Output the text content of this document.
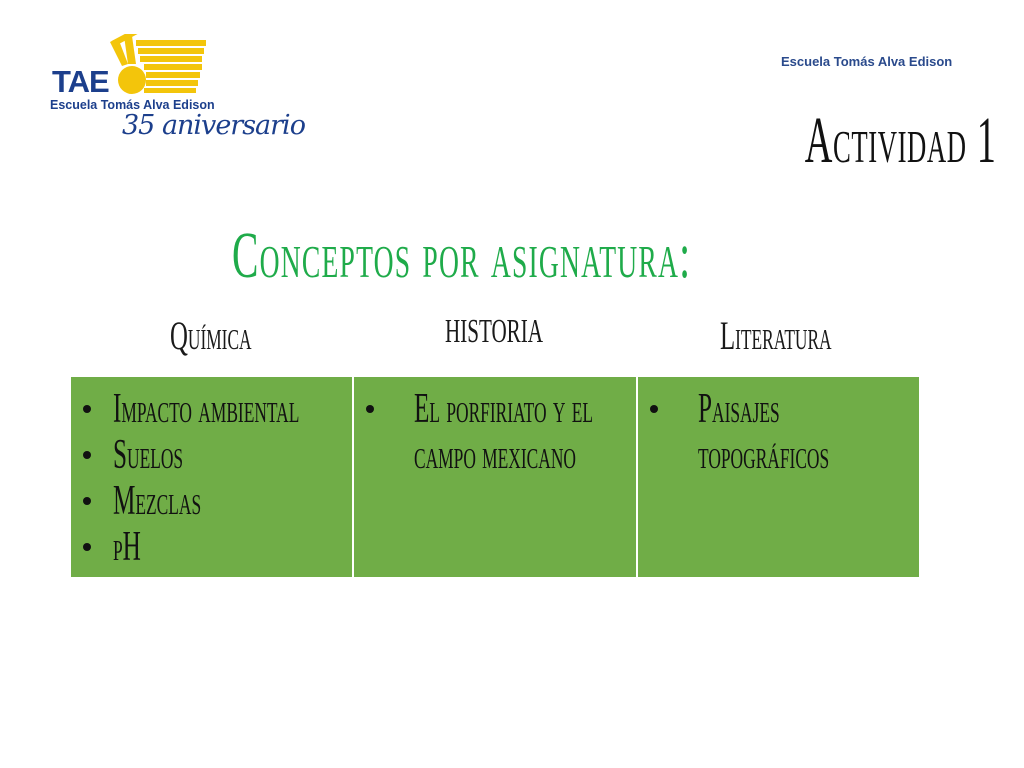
TAE
Escuela Tomás Alva Edison
35 aniversario
Escuela Tomás Alva Edison
Actividad 1
Conceptos por asignatura:
Química	HISTORIA	Literatura
Impacto ambiental
Suelos
Mezclas
pH
El porfiriato y el
campo mexicano
Paisajes
topográficos
